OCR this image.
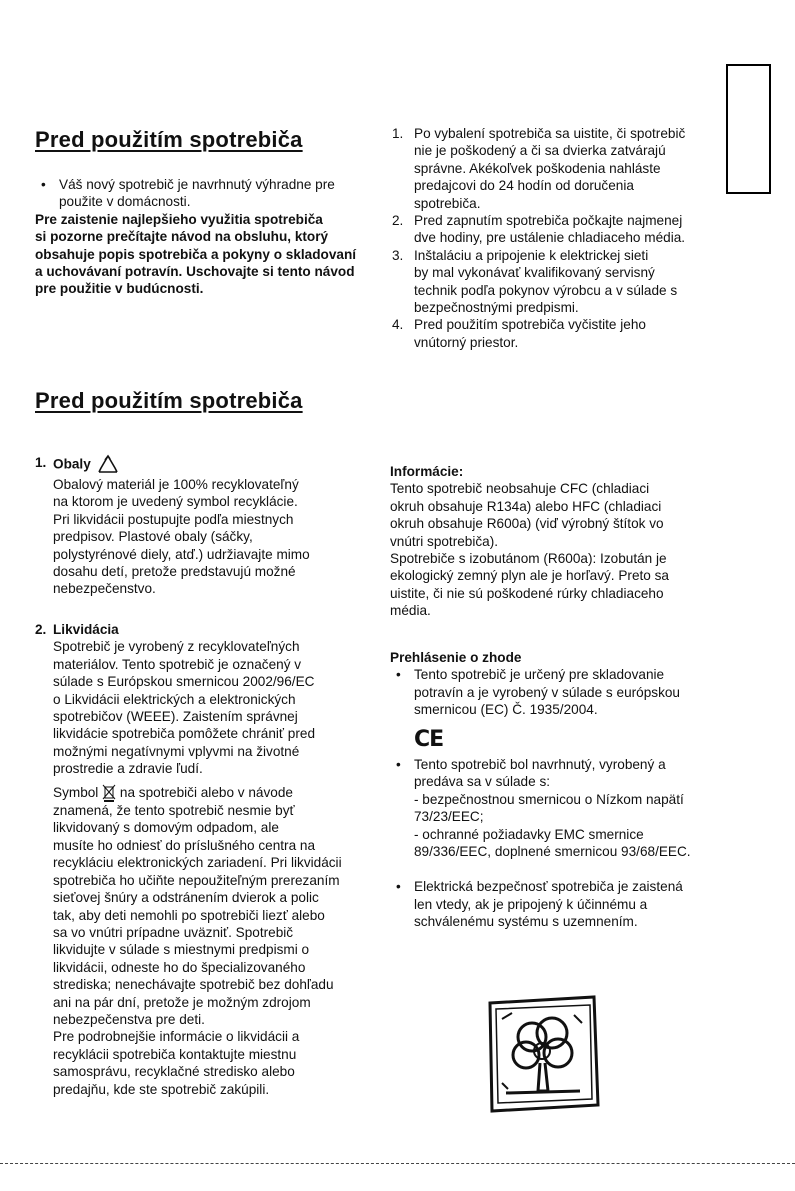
Pred použitím spotrebiča
• Váš nový spotrebič je navrhnutý výhradne pre použite v domácnosti.
Pre zaistenie najlepšieho využitia spotrebiča
si pozorne prečítajte návod na obsluhu, ktorý
obsahuje popis spotrebiča a pokyny o skladovaní
a uchovávaní potravín. Uschovajte si tento návod
pre použitie v budúcnosti.
1. Po vybalení spotrebiča sa uistite, či spotrebič
nie je poškodený a či sa dvierka zatvárajú
správne. Akékoľvek poškodenia nahláste
predajcovi do 24 hodín od doručenia
spotrebiča.
2. Pred zapnutím spotrebiča počkajte najmenej
dve hodiny, pre ustálenie chladiaceho média.
3. Inštaláciu a pripojenie k elektrickej sieti
by mal vykonávať kvalifikovaný servisný
technik podľa pokynov výrobcu a v súlade s
bezpečnostnými predpismi.
4. Pred použitím spotrebiča vyčistite jeho
vnútorný priestor.
Pred použitím spotrebiča
1. Obaly
Obalový materiál je 100% recyklovateľný
na ktorom je uvedený symbol recyklácie.
Pri likvidácii postupujte podľa miestnych
predpisov. Plastové obaly (sáčky,
polystyrénové diely, atď.) udržiavajte mimo
dosahu detí, pretože predstavujú možné
nebezpečenstvo.
2. Likvidácia
Spotrebič je vyrobený z recyklovateľných
materiálov. Tento spotrebič je označený v
súlade s Európskou smernicou 2002/96/EC
o Likvidácii elektrických a elektronických
spotrebičov (WEEE). Zaistením správnej
likvidácie spotrebiča pomôžete chrániť pred
možnými negatívnymi vplyvmi na životné
prostredie a zdravie ľudí.
Symbol na spotrebiči alebo v návode
znamená, že tento spotrebič nesmie byť
likvidovaný s domovým odpadom, ale
musíte ho odniesť do príslušného centra na
recykláciu elektronických zariadení. Pri likvidácii
spotrebiča ho učiňte nepoužiteľným prerezaním
sieťovej šnúry a odstránením dvierok a polic
tak, aby deti nemohli po spotrebiči liezť alebo
sa vo vnútri prípadne uväzniť. Spotrebič
likvidujte v súlade s miestnymi predpismi o
likvidácii, odneste ho do špecializovaného
strediska; nenechávajte spotrebič bez dohľadu
ani na pár dní, pretože je možným zdrojom
nebezpečenstva pre deti.
Pre podrobnejšie informácie o likvidácii a
recyklácii spotrebiča kontaktujte miestnu
samosprávu, recyklačné stredisko alebo
predajňu, kde ste spotrebič zakúpili.
Informácie:
Tento spotrebič neobsahuje CFC (chladiaci
okruh obsahuje R134a) alebo HFC (chladiaci
okruh obsahuje R600a) (viď výrobný štítok vo
vnútri spotrebiča).
Spotrebiče s izobutánom (R600a): Izobután je
ekologický zemný plyn ale je horľavý. Preto sa
uistite, či nie sú poškodené rúrky chladiaceho
média.
Prehlásenie o zhode
• Tento spotrebič je určený pre skladovanie
potravín a je vyrobený v súlade s európskou
smernicou (EC) Č. 1935/2004.
CE
• Tento spotrebič bol navrhnutý, vyrobený a
predáva sa v súlade s:
- bezpečnostnou smernicou o Nízkom napätí
73/23/EEC;
- ochranné požiadavky EMC smernice
89/336/EEC, doplnené smernicou 93/68/EEC.
• Elektrická bezpečnosť spotrebiča je zaistená
len vtedy, ak je pripojený k účinnému a
schválenému systému s uzemnením.
